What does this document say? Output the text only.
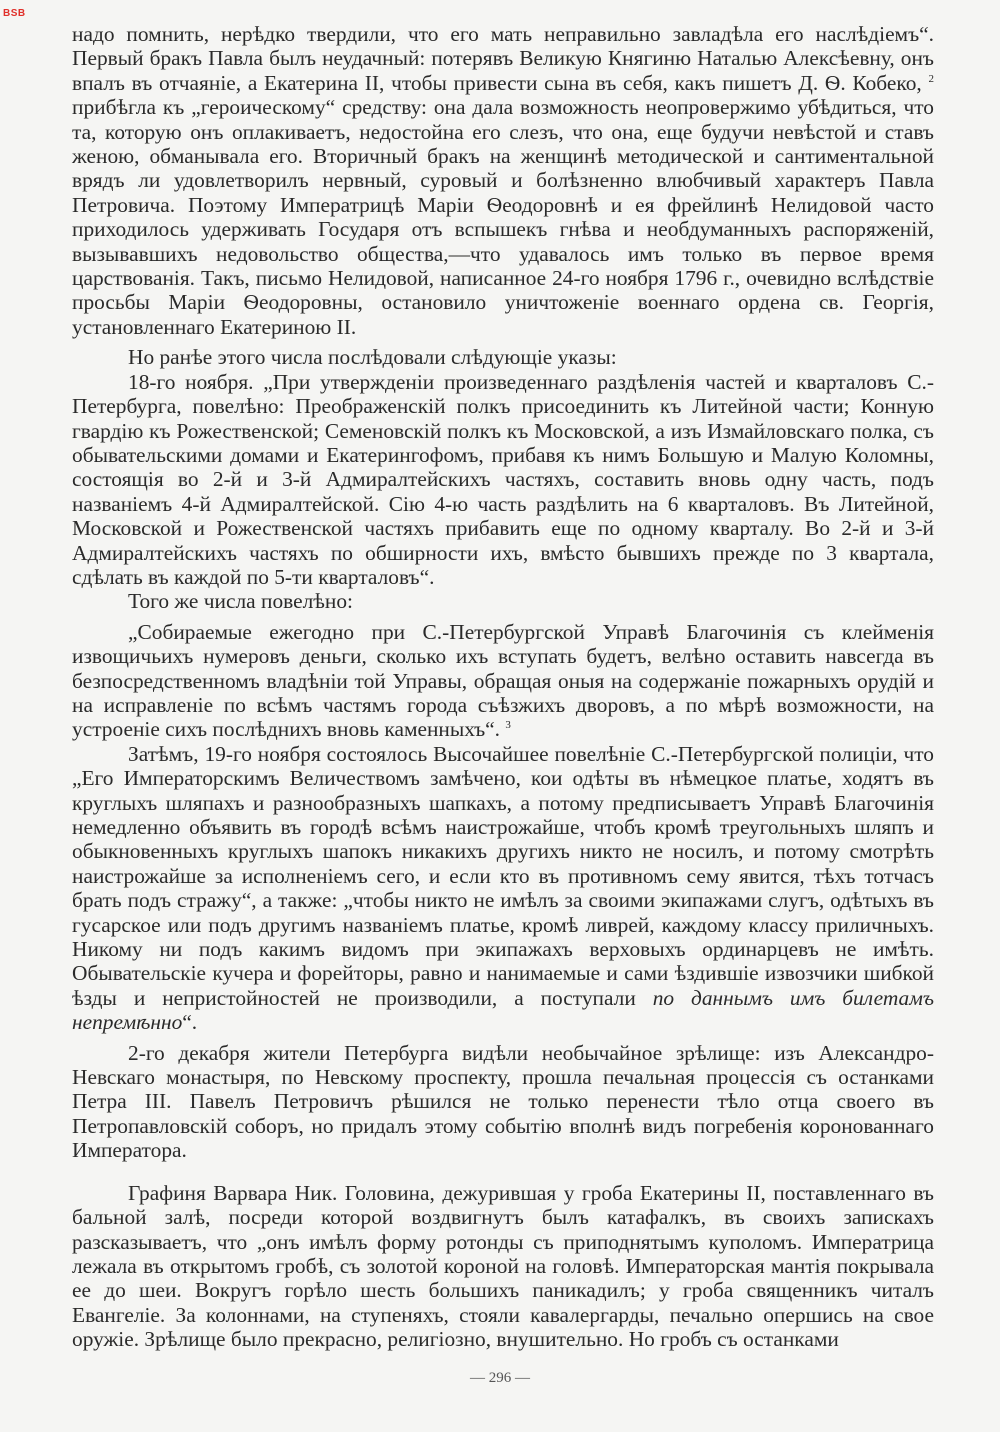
BSB

надо помнить, нерѣдко твердили, что его мать неправильно завладѣла его наслѣдіемъ“. Первый бракъ Павла былъ неудачный: потерявъ Великую Княгиню Наталью Алексѣевну, онъ впалъ въ отчаяніе, а Екатерина II, чтобы привести сына въ себя, какъ пишетъ Д. Ѳ. Кобеко, $^2$ прибѣгла къ „героическому“ средству: она дала возможность неопровержимо убѣдиться, что та, которую онъ оплакиваетъ, недостойна его слезъ, что она, еще будучи невѣстой и ставъ женою, обманывала его. Вторичный бракъ на женщинѣ методической и сантиментальной врядъ ли удовлетворилъ нервный, суровый и болѣзненно влюбчивый характеръ Павла Петровича. Поэтому Императрицѣ Маріи Ѳеодоровнѣ и ея фрейлинѣ Нелидовой часто приходилось удерживать Государя отъ вспышекъ гнѣва и необдуманныхъ распоряженій, вызывавшихъ недовольство общества,—что удавалось имъ только въ первое время царствованія. Такъ, письмо Нелидовой, написанное 24-го ноября 1796 г., очевидно вслѣдствіе просьбы Маріи Ѳеодоровны, остановило уничтоженіе военнаго ордена св. Георгія, установленнаго Екатериною II.

Но ранѣе этого числа послѣдовали слѣдующіе указы:

18-го ноября. „При утвержденіи произведеннаго раздѣленія частей и кварталовъ С.-Петербурга, повелѣно: Преображенскій полкъ присоединить къ Литейной части; Конную гвардію къ Рожественской; Семеновскій полкъ къ Московской, а изъ Измайловскаго полка, съ обывательскими домами и Екатерингофомъ, прибавя къ нимъ Большую и Малую Коломны, состоящія во 2-й и 3-й Адмиралтейскихъ частяхъ, составить вновь одну часть, подъ названіемъ 4-й Адмиралтейской. Сію 4-ю часть раздѣлить на 6 кварталовъ. Въ Литейной, Московской и Рожественской частяхъ прибавить еще по одному кварталу. Во 2-й и 3-й Адмиралтейскихъ частяхъ по обширности ихъ, вмѣсто бывшихъ прежде по 3 квартала, сдѣлать въ каждой по 5-ти кварталовъ“.

Того же числа повелѣно:

„Собираемые ежегодно при С.-Петербургской Управѣ Благочинія съ клейменія извощичьихъ нумеровъ деньги, сколько ихъ вступать будетъ, велѣно оставить навсегда въ безпосредственномъ владѣніи той Управы, обращая оныя на содержаніе пожарныхъ орудій и на исправленіе по всѣмъ частямъ города съѣзжихъ дворовъ, а по мѣрѣ возможности, на устроеніе сихъ послѣднихъ вновь каменныхъ“. $^3$

Затѣмъ, 19-го ноября состоялось Высочайшее повелѣніе С.-Петербургской полиціи, что „Его Императорскимъ Величествомъ замѣчено, кои одѣты въ нѣмецкое платье, ходятъ въ круглыхъ шляпахъ и разнообразныхъ шапкахъ, а потому предписываетъ Управѣ Благочинія немедленно объявить въ городѣ всѣмъ наистрожайше, чтобъ кромѣ треугольныхъ шляпъ и обыкновенныхъ круглыхъ шапокъ никакихъ другихъ никто не носилъ, и потому смотрѣть наистрожайше за исполненіемъ сего, и если кто въ противномъ сему явится, тѣхъ тотчасъ брать подъ стражу“, а также: „чтобы никто не имѣлъ за своими экипажами слугъ, одѣтыхъ въ гусарское или подъ другимъ названіемъ платье, кромѣ ливрей, каждому классу приличныхъ. Никому ни подъ какимъ видомъ при экипажахъ верховыхъ ординарцевъ не имѣть. Обывательскіе кучера и форейторы, равно и нанимаемые и сами ѣздившіе извозчики шибкой ѣзды и непристойностей не производили, а поступали по даннымъ имъ билетамъ непремѣнно“.

2-го декабря жители Петербурга видѣли необычайное зрѣлище: изъ Александро-Невскаго монастыря, по Невскому проспекту, прошла печальная процессія съ останками Петра III. Павелъ Петровичъ рѣшился не только перенести тѣло отца своего въ Петропавловскій соборъ, но придалъ этому событію вполнѣ видъ погребенія коронованнаго Императора.

Графиня Варвара Ник. Головина, дежурившая у гроба Екатерины II, поставленнаго въ бальной залѣ, посреди которой воздвигнутъ былъ катафалкъ, въ своихъ запискахъ разсказываетъ, что „онъ имѣлъ форму ротонды съ приподнятымъ куполомъ. Императрица лежала въ открытомъ гробѣ, съ золотой короной на головѣ. Императорская мантія покрывала ее до шеи. Вокругъ горѣло шесть большихъ паникадилъ; у гроба священникъ читалъ Евангеліе. За колоннами, на ступеняхъ, стояли кавалергарды, печально опершись на свое оружіе. Зрѣлище было прекрасно, религіозно, внушительно. Но гробъ съ останками

— 296 —
